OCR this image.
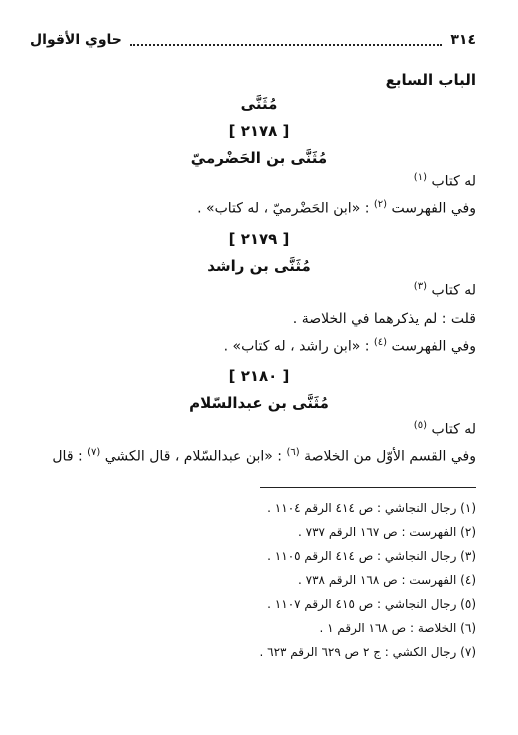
٣١٤
حاوي الأقوال
الباب السابع
مُثَنَّى
[ ٢١٧٨ ]
مُثَنَّى بن الحَضْرميّ
له كتاب $^{(١)}$
وفي الفهرست $^{(٢)}$ : «ابن الحَضْرميّ ، له كتاب» .
[ ٢١٧٩ ]
مُثَنَّى بن راشد
له كتاب $^{(٣)}$
قلت : لم يذكرهما في الخلاصة .
وفي الفهرست $^{(٤)}$ : «ابن راشد ، له كتاب» .
[ ٢١٨٠ ]
مُثَنَّى بن عبدالسّلام
له كتاب $^{(٥)}$
وفي القسم الأوّل من الخلاصة $^{(٦)}$ : «ابن عبدالسّلام ، قال الكشي $^{(٧)}$ : قال
(١) رجال النجاشي : ص ٤١٤ الرقم ١١٠٤ .
(٢) الفهرست : ص ١٦٧ الرقم ٧٣٧ .
(٣) رجال النجاشي : ص ٤١٤ الرقم ١١٠٥ .
(٤) الفهرست : ص ١٦٨ الرقم ٧٣٨ .
(٥) رجال النجاشي : ص ٤١٥ الرقم ١١٠٧ .
(٦) الخلاصة : ص ١٦٨ الرقم ١ .
(٧) رجال الكشي : ج ٢ ص ٦٢٩ الرقم ٦٢٣ .
